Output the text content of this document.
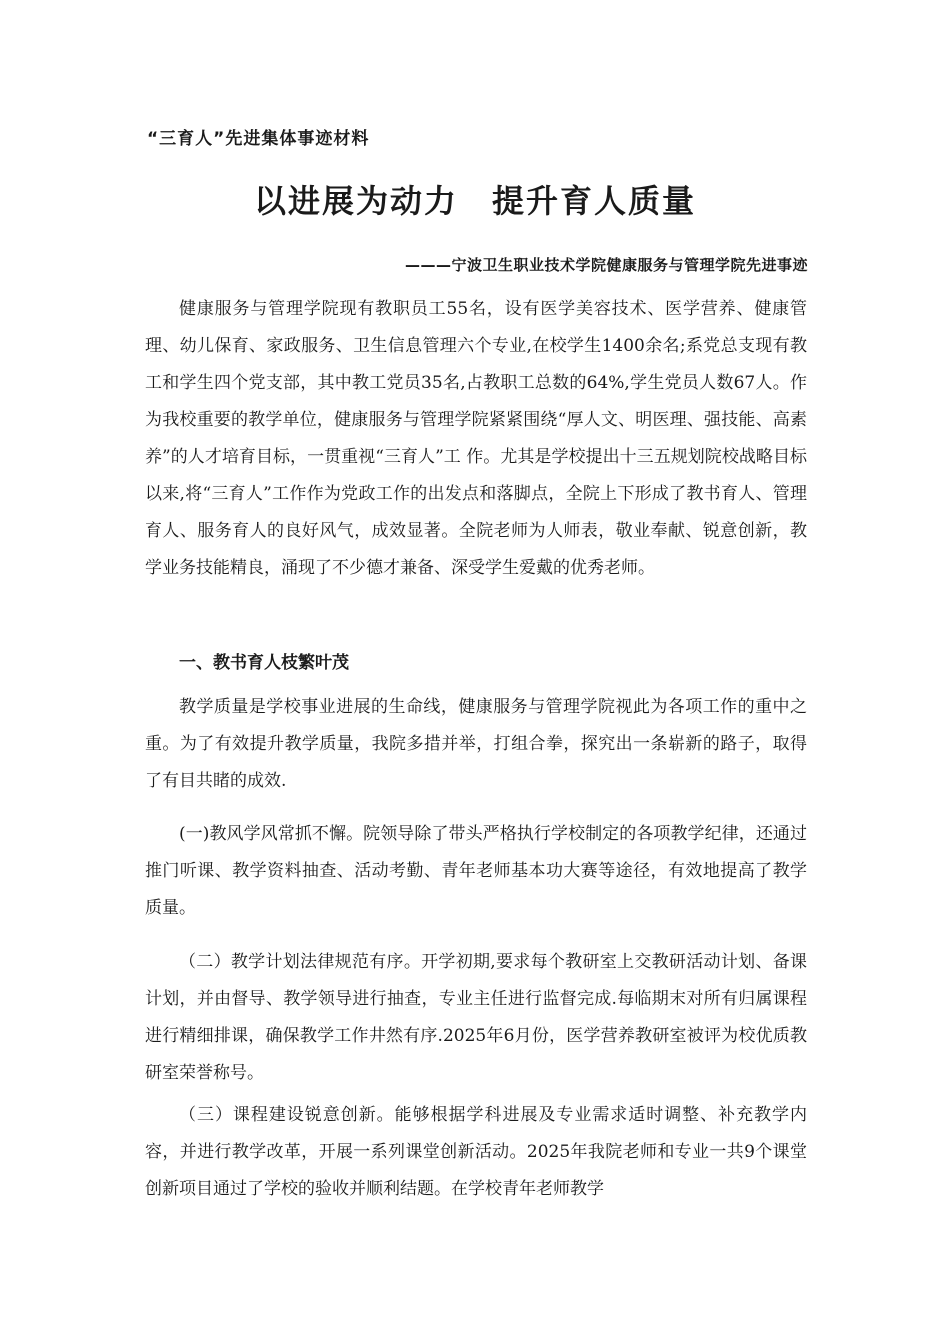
“三育人”先进集体事迹材料
以进展为动力　提升育人质量
———宁波卫生职业技术学院健康服务与管理学院先进事迹

健康服务与管理学院现有教职员工55名，设有医学美容技术、医学营养、健康管理、幼儿保育、家政服务、卫生信息管理六个专业,在校学生1400余名;系党总支现有教工和学生四个党支部，其中教工党员35名,占教职工总数的64%,学生党员人数67人。作为我校重要的教学单位，健康服务与管理学院紧紧围绕“厚人文、明医理、强技能、高素养”的人才培育目标，一贯重视“三育人”工 作。尤其是学校提出十三五规划院校战略目标以来,将“三育人”工作作为党政工作的出发点和落脚点，全院上下形成了教书育人、管理育人、服务育人的良好风气，成效显著。全院老师为人师表，敬业奉献、锐意创新，教学业务技能精良，涌现了不少德才兼备、深受学生爱戴的优秀老师。

一、教书育人枝繁叶茂

教学质量是学校事业进展的生命线，健康服务与管理学院视此为各项工作的重中之重。为了有效提升教学质量，我院多措并举，打组合拳，探究出一条崭新的路子，取得了有目共睹的成效.

(一)教风学风常抓不懈。院领导除了带头严格执行学校制定的各项教学纪律，还通过推门听课、教学资料抽查、活动考勤、青年老师基本功大赛等途径，有效地提高了教学质量。

（二）教学计划法律规范有序。开学初期,要求每个教研室上交教研活动计划、备课计划，并由督导、教学领导进行抽查，专业主任进行监督完成.每临期末对所有归属课程进行精细排课，确保教学工作井然有序.2025年6月份，医学营养教研室被评为校优质教研室荣誉称号。

（三）课程建设锐意创新。能够根据学科进展及专业需求适时调整、补充教学内容，并进行教学改革，开展一系列课堂创新活动。2025年我院老师和专业一共9个课堂创新项目通过了学校的验收并顺利结题。在学校青年老师教学
